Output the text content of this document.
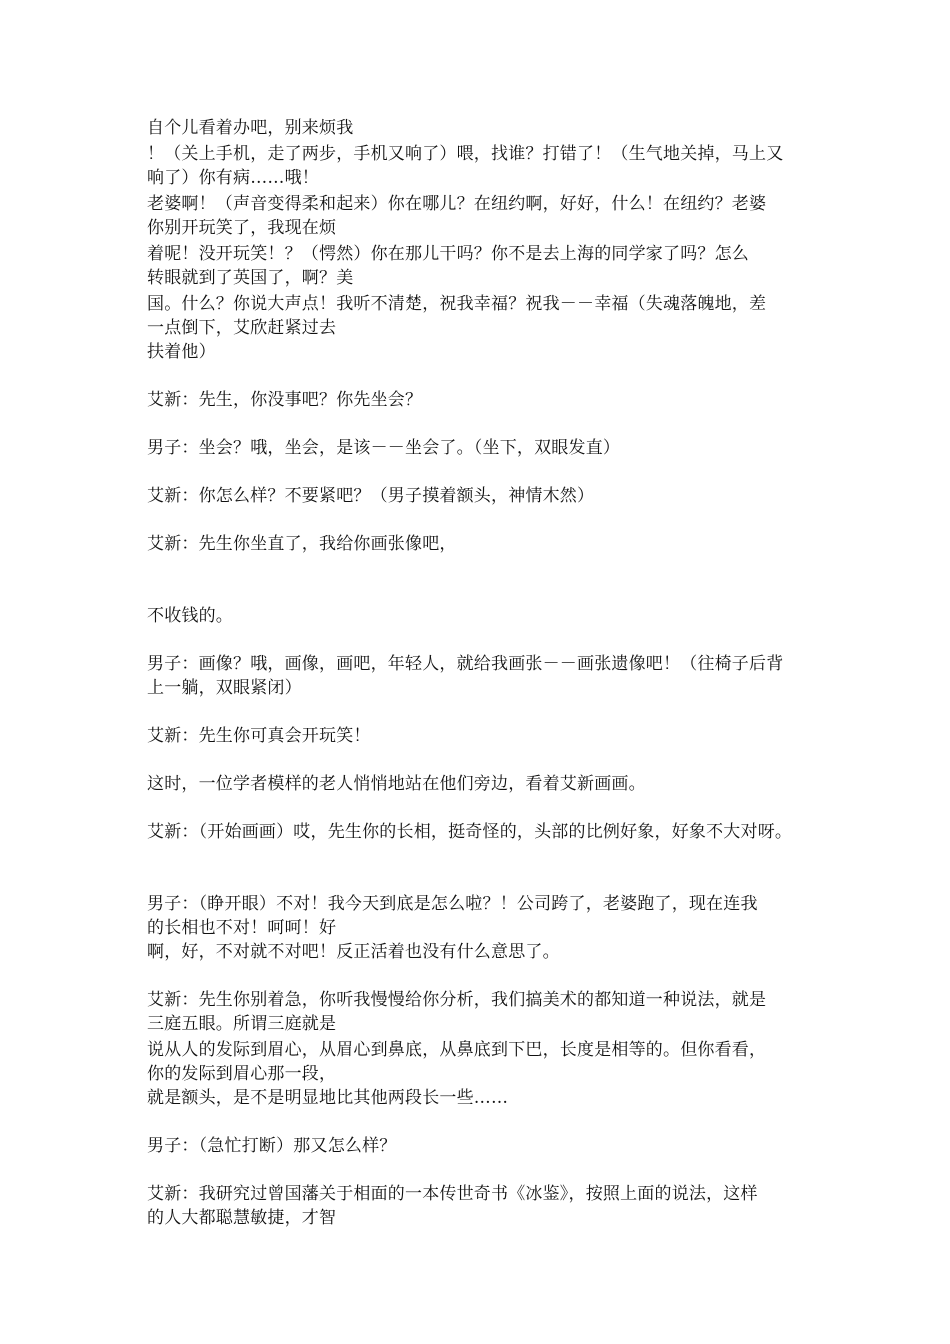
自个儿看着办吧，别来烦我
！（关上手机，走了两步，手机又响了）喂，找谁？打错了！（生气地关掉，马上又
响了）你有病……哦！
老婆啊！（声音变得柔和起来）你在哪儿？在纽约啊，好好，什么！在纽约？老婆
你别开玩笑了，我现在烦
着呢！没开玩笑！？（愕然）你在那儿干吗？你不是去上海的同学家了吗？怎么
转眼就到了英国了，啊？美
国。什么？你说大声点！我听不清楚，祝我幸福？祝我－－幸福（失魂落魄地，差
一点倒下，艾欣赶紧过去
扶着他）
艾新：先生，你没事吧？你先坐会？
男子：坐会？哦，坐会，是该－－坐会了。（坐下，双眼发直）
艾新：你怎么样？不要紧吧？（男子摸着额头，神情木然）
艾新：先生你坐直了，我给你画张像吧，
不收钱的。
男子：画像？哦，画像，画吧，年轻人，就给我画张－－画张遗像吧！（往椅子后背
上一躺，双眼紧闭）
艾新：先生你可真会开玩笑！
这时，一位学者模样的老人悄悄地站在他们旁边，看着艾新画画。
艾新：（开始画画）哎，先生你的长相，挺奇怪的，头部的比例好象，好象不大对呀。
男子：（睁开眼）不对！我今天到底是怎么啦？！公司跨了，老婆跑了，现在连我
的长相也不对！呵呵！好
啊，好，不对就不对吧！反正活着也没有什么意思了。
艾新：先生你别着急，你听我慢慢给你分析，我们搞美术的都知道一种说法，就是
三庭五眼。所谓三庭就是
说从人的发际到眉心，从眉心到鼻底，从鼻底到下巴，长度是相等的。但你看看，
你的发际到眉心那一段，
就是额头，是不是明显地比其他两段长一些……
男子：（急忙打断）那又怎么样？
艾新：我研究过曾国藩关于相面的一本传世奇书《冰鉴》，按照上面的说法，这样
的人大都聪慧敏捷，才智
